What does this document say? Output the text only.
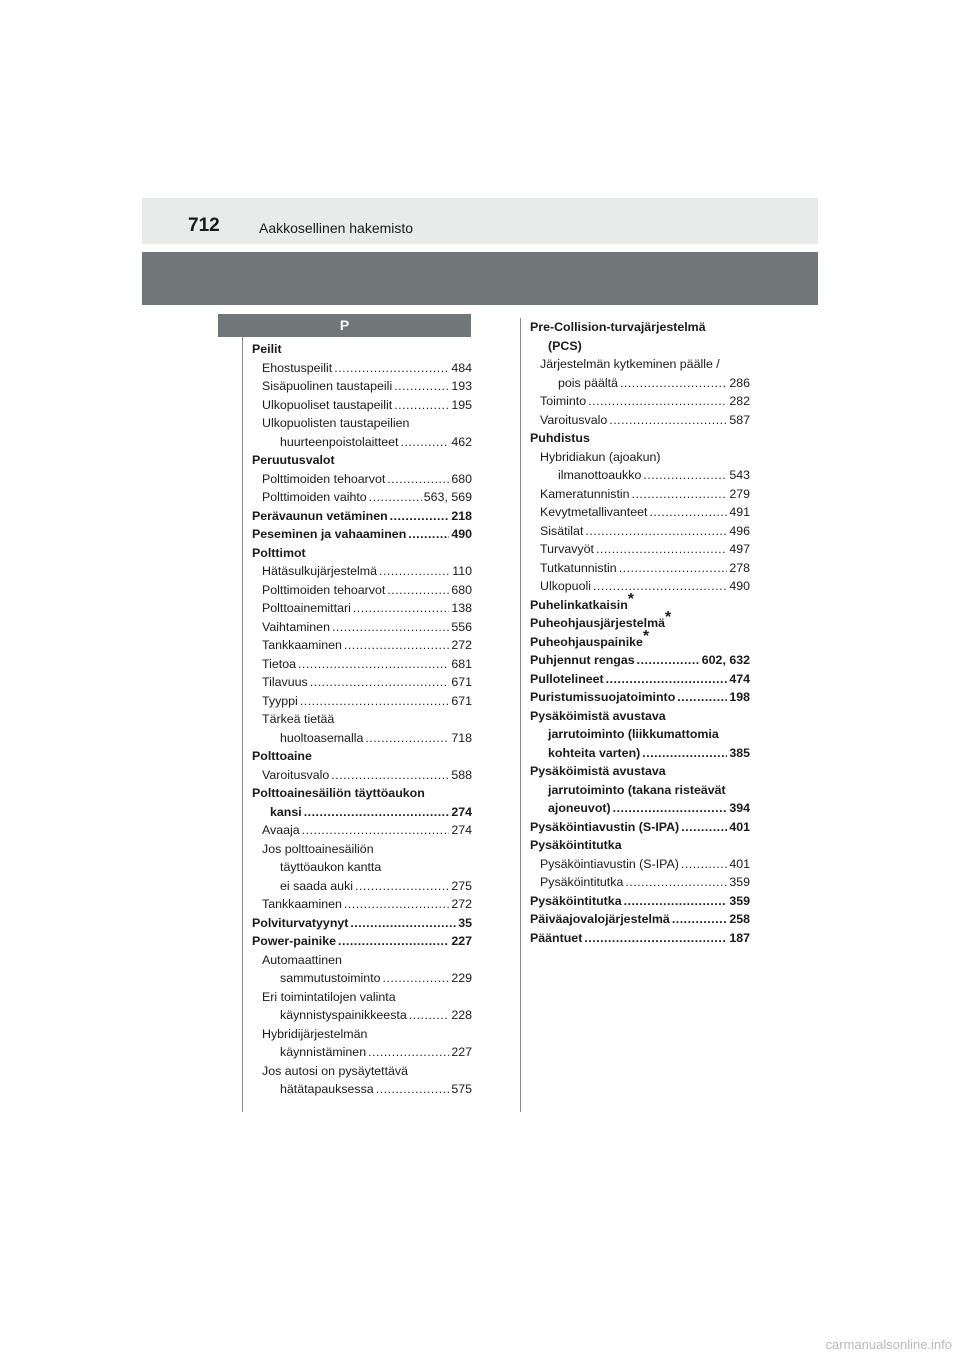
712	Aakkosellinen hakemisto
P
Peilit
Ehostuspeilit .....	484
Sisäpuolinen taustapeili .....	193
Ulkopuoliset taustapeilit .....	195
Ulkopuolisten taustapeilien
huurteenpoistolaitteet .....	462
Peruutusvalot
Polttimoiden tehoarvot .....	680
Polttimoiden vaihto .....	563, 569
Perävaunun vetäminen .....	218
Peseminen ja vahaaminen .....	490
Polttimot
Hätäsulkujärjestelmä .....	110
Polttimoiden tehoarvot .....	680
Polttoainemittari .....	138
Vaihtaminen .....	556
Tankkaaminen .....	272
Tietoa .....	681
Tilavuus .....	671
Tyyppi .....	671
Tärkeä tietää
huoltoasemalla .....	718
Polttoaine
Varoitusvalo .....	588
Polttoainesäiliön täyttöaukon
kansi .....	274
Avaaja .....	274
Jos polttoainesäiliön
täyttöaukon kantta
ei saada auki .....	275
Tankkaaminen .....	272
Polviturvatyynyt .....	35
Power-painike .....	227
Automaattinen
sammutustoiminto .....	229
Eri toimintatilojen valinta
käynnistyspainikkeesta .....	228
Hybridijärjestelmän
käynnistäminen .....	227
Jos autosi on pysäytettävä
hätätapauksessa .....	575
Pre-Collision-turvajärjestelmä
(PCS)
Järjestelmän kytkeminen päälle /
pois päältä .....	286
Toiminto .....	282
Varoitusvalo .....	587
Puhdistus
Hybridiakun (ajoakun)
ilmanottoaukko .....	543
Kameratunnistin .....	279
Kevytmetallivanteet .....	491
Sisätilat .....	496
Turvavyöt .....	497
Tutkatunnistin .....	278
Ulkopuoli .....	490
Puhelinkatkaisin*
Puheohjausjärjestelmä*
Puheohjauspainike*
Puhjennut rengas .....	602, 632
Pullotelineet .....	474
Puristumissuojatoiminto .....	198
Pysäköimistä avustava
jarrutoiminto (liikkumattomia
kohteita varten) .....	385
Pysäköimistä avustava
jarrutoiminto (takana risteävät
ajoneuvot) .....	394
Pysäköintiavustin (S-IPA) .....	401
Pysäköintitutka
Pysäköintiavustin (S-IPA) .....	401
Pysäköintitutka .....	359
Pysäköintitutka .....	359
Päiväajovalojärjestelmä .....	258
Pääntuet .....	187
carmanualsonline.info
